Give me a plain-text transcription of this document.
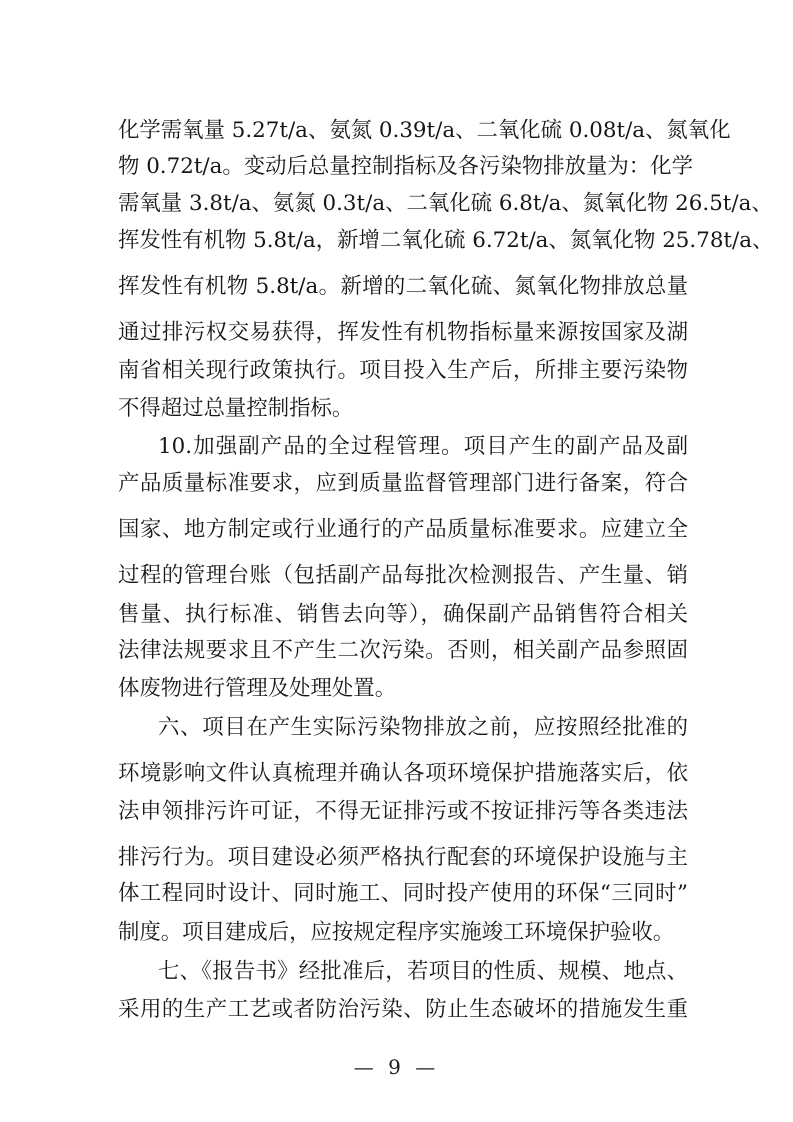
化学需氧量 5.27t/a、氨氮 0.39t/a、二氧化硫 0.08t/a、氮氧化
物 0.72t/a。变动后总量控制指标及各污染物排放量为：化学
需氧量 3.8t/a、氨氮 0.3t/a、二氧化硫 6.8t/a、氮氧化物 26.5t/a、
挥发性有机物 5.8t/a，新增二氧化硫 6.72t/a、氮氧化物 25.78t/a、
挥发性有机物 5.8t/a。新增的二氧化硫、氮氧化物排放总量
通过排污权交易获得，挥发性有机物指标量来源按国家及湖
南省相关现行政策执行。项目投入生产后，所排主要污染物
不得超过总量控制指标。
10.加强副产品的全过程管理。项目产生的副产品及副
产品质量标准要求，应到质量监督管理部门进行备案，符合
国家、地方制定或行业通行的产品质量标准要求。应建立全
过程的管理台账（包括副产品每批次检测报告、产生量、销
售量、执行标准、销售去向等），确保副产品销售符合相关
法律法规要求且不产生二次污染。否则，相关副产品参照固
体废物进行管理及处理处置。
六、项目在产生实际污染物排放之前，应按照经批准的
环境影响文件认真梳理并确认各项环境保护措施落实后，依
法申领排污许可证，不得无证排污或不按证排污等各类违法
排污行为。项目建设必须严格执行配套的环境保护设施与主
体工程同时设计、同时施工、同时投产使用的环保“三同时”
制度。项目建成后，应按规定程序实施竣工环境保护验收。
七、《报告书》经批准后，若项目的性质、规模、地点、
采用的生产工艺或者防治污染、防止生态破坏的措施发生重
— 9 —
